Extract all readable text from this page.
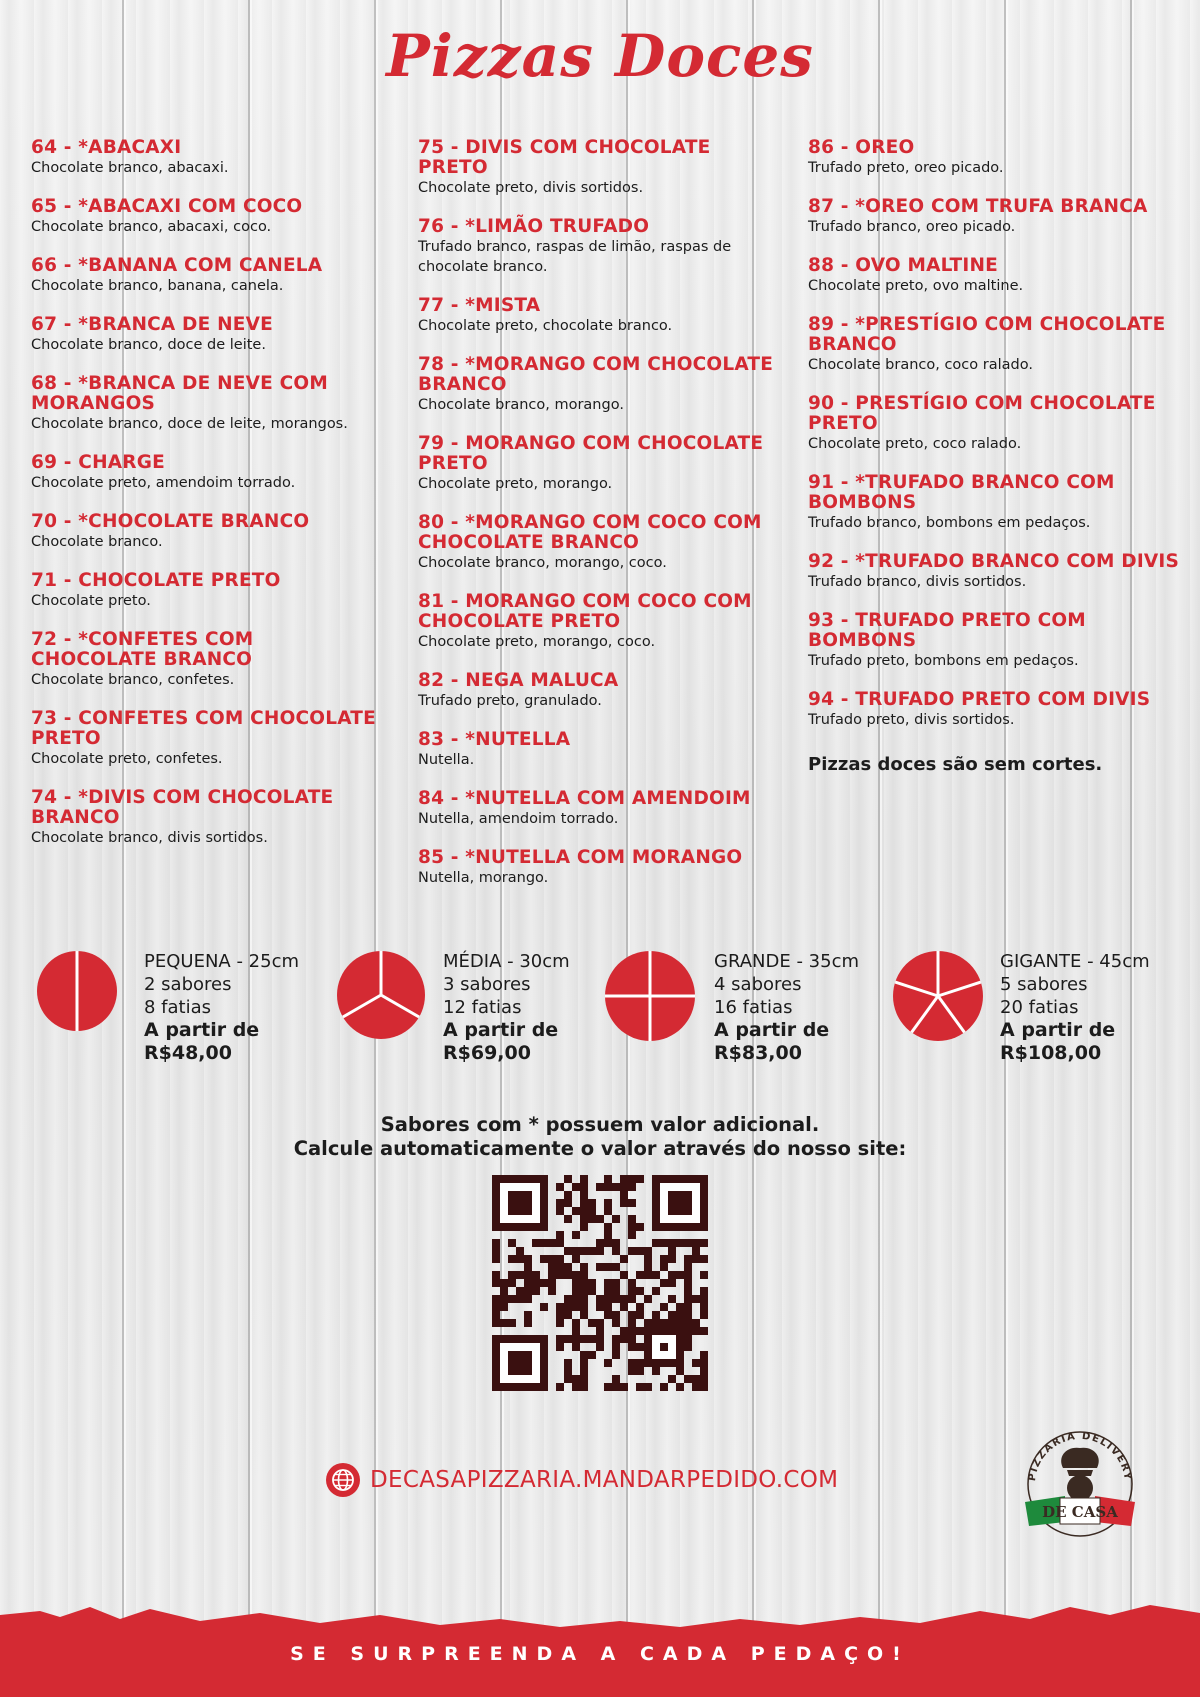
Pizzas Doces
64 - *ABACAXI
Chocolate branco, abacaxi.
65 - *ABACAXI COM COCO
Chocolate branco, abacaxi, coco.
66 - *BANANA COM CANELA
Chocolate branco, banana, canela.
67 - *BRANCA DE NEVE
Chocolate branco, doce de leite.
68 - *BRANCA DE NEVE COM MORANGOS
Chocolate branco, doce de leite, morangos.
69 - CHARGE
Chocolate preto, amendoim torrado.
70 - *CHOCOLATE BRANCO
Chocolate branco.
71 - CHOCOLATE PRETO
Chocolate preto.
72 - *CONFETES COM CHOCOLATE BRANCO
Chocolate branco, confetes.
73 - CONFETES COM CHOCOLATE PRETO
Chocolate preto, confetes.
74 - *DIVIS COM CHOCOLATE BRANCO
Chocolate branco, divis sortidos.
75 - DIVIS COM CHOCOLATE PRETO
Chocolate preto, divis sortidos.
76 - *LIMÃO TRUFADO
Trufado branco, raspas de limão, raspas de chocolate branco.
77 - *MISTA
Chocolate preto, chocolate branco.
78 - *MORANGO COM CHOCOLATE BRANCO
Chocolate branco, morango.
79 - MORANGO COM CHOCOLATE PRETO
Chocolate preto, morango.
80 - *MORANGO COM COCO COM CHOCOLATE BRANCO
Chocolate branco, morango, coco.
81 - MORANGO COM COCO COM CHOCOLATE PRETO
Chocolate preto, morango, coco.
82 - NEGA MALUCA
Trufado preto, granulado.
83 - *NUTELLA
Nutella.
84 - *NUTELLA COM AMENDOIM
Nutella, amendoim torrado.
85 - *NUTELLA COM MORANGO
Nutella, morango.
86 - OREO
Trufado preto, oreo picado.
87 - *OREO COM TRUFA BRANCA
Trufado branco, oreo picado.
88 - OVO MALTINE
Chocolate preto, ovo maltine.
89 - *PRESTÍGIO COM CHOCOLATE BRANCO
Chocolate branco, coco ralado.
90 - PRESTÍGIO COM CHOCOLATE PRETO
Chocolate preto, coco ralado.
91 - *TRUFADO BRANCO COM BOMBONS
Trufado branco, bombons em pedaços.
92 - *TRUFADO BRANCO COM DIVIS
Trufado branco, divis sortidos.
93 - TRUFADO PRETO COM BOMBONS
Trufado preto, bombons em pedaços.
94 - TRUFADO PRETO COM DIVIS
Trufado preto, divis sortidos.
Pizzas doces são sem cortes.
PEQUENA - 25cm
2 sabores
8 fatias
A partir de
R$48,00
MÉDIA - 30cm
3 sabores
12 fatias
A partir de
R$69,00
GRANDE - 35cm
4 sabores
16 fatias
A partir de
R$83,00
GIGANTE - 45cm
5 sabores
20 fatias
A partir de
R$108,00
Sabores com * possuem valor adicional.
Calcule automaticamente o valor através do nosso site:
DECASAPIZZARIA.MANDARPEDIDO.COM	PIZZARIA DELIVERY
DE CASA
SE SURPREENDA A CADA PEDAÇO!
